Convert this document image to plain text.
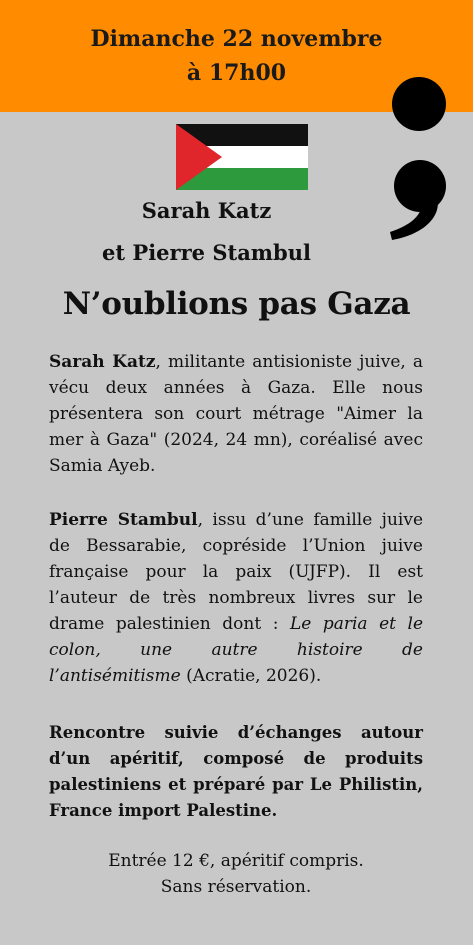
Dimanche 22 novembre
à 17h00
Sarah Katz
et Pierre Stambul
N’oublions pas Gaza
Sarah Katz, militante antisioniste juive, a vécu deux années à Gaza. Elle nous présentera son court métrage "Aimer la mer à Gaza" (2024, 24 mn), coréalisé avec Samia Ayeb.
Pierre Stambul, issu d’une famille juive de Bessarabie, copréside l’Union juive française pour la paix (UJFP). Il est l’auteur de très nombreux livres sur le drame palestinien dont : Le paria et le colon, une autre histoire de l’antisémitisme (Acratie, 2026).
Rencontre suivie d’échanges autour d’un apéritif, composé de produits palestiniens et préparé par Le Philistin, France import Palestine.
Entrée 12 €, apéritif compris.
Sans réservation.
